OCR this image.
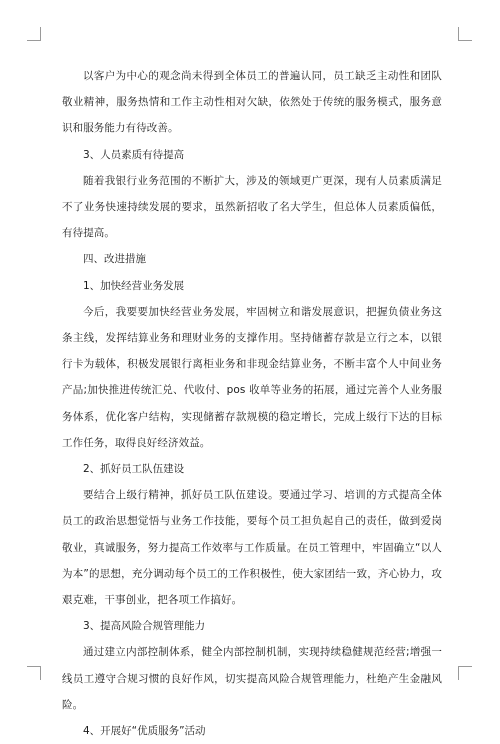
以客户为中心的观念尚未得到全体员工的普遍认同，员工缺乏主动性和团队敬业精神，服务热情和工作主动性相对欠缺，依然处于传统的服务模式，服务意识和服务能力有待改善。

3、人员素质有待提高

随着我银行业务范围的不断扩大，涉及的领域更广更深，现有人员素质满足不了业务快速持续发展的要求，虽然新招收了名大学生，但总体人员素质偏低，有待提高。

四、改进措施

1、加快经营业务发展

今后，我要要加快经营业务发展，牢固树立和谐发展意识，把握负债业务这条主线，发挥结算业务和理财业务的支撑作用。坚持储蓄存款是立行之本，以银行卡为载体，积极发展银行离柜业务和非现金结算业务，不断丰富个人中间业务产品;加快推进传统汇兑、代收付、pos 收单等业务的拓展，通过完善个人业务服务体系，优化客户结构，实现储蓄存款规模的稳定增长，完成上级行下达的目标工作任务，取得良好经济效益。

2、抓好员工队伍建设

要结合上级行精神，抓好员工队伍建设。要通过学习、培训的方式提高全体员工的政治思想觉悟与业务工作技能，要每个员工担负起自己的责任，做到爱岗敬业，真诚服务，努力提高工作效率与工作质量。在员工管理中，牢固确立“以人为本”的思想，充分调动每个员工的工作积极性，使大家团结一致，齐心协力，攻艰克难，干事创业，把各项工作搞好。

3、提高风险合规管理能力

通过建立内部控制体系，健全内部控制机制，实现持续稳健规范经营;增强一线员工遵守合规习惯的良好作风，切实提高风险合规管理能力，杜绝产生金融风险。

4、开展好“优质服务”活动
